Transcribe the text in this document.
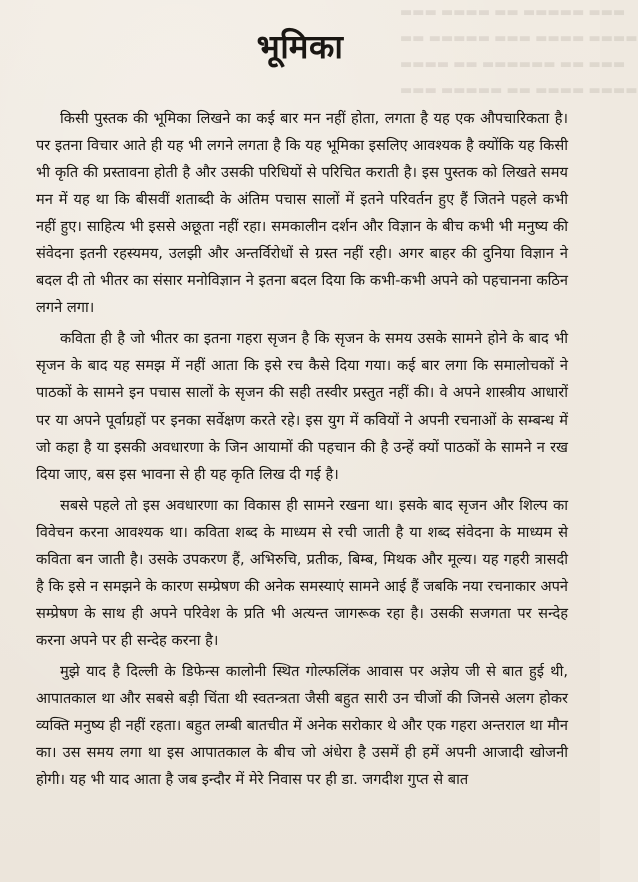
▬▬▬ ▬▬▬▬ ▬▬ ▬▬▬▬▬ ▬▬▬
▬▬ ▬▬▬▬▬ ▬▬▬ ▬▬▬▬ ▬▬▬▬
▬▬▬▬ ▬▬ ▬▬▬▬▬▬ ▬▬ ▬▬▬
▬▬▬ ▬▬▬▬▬ ▬▬ ▬▬▬▬ ▬▬▬▬
भूमिका

किसी पुस्तक की भूमिका लिखने का कई बार मन नहीं होता, लगता है यह एक औपचारिकता है। पर इतना विचार आते ही यह भी लगने लगता है कि यह भूमिका इसलिए आवश्यक है क्योंकि यह किसी भी कृति की प्रस्तावना होती है और उसकी परिधियों से परिचित कराती है। इस पुस्तक को लिखते समय मन में यह था कि बीसवीं शताब्दी के अंतिम पचास सालों में इतने परिवर्तन हुए हैं जितने पहले कभी नहीं हुए। साहित्य भी इससे अछूता नहीं रहा। समकालीन दर्शन और विज्ञान के बीच कभी भी मनुष्य की संवेदना इतनी रहस्यमय, उलझी और अन्तर्विरोधों से ग्रस्त नहीं रही। अगर बाहर की दुनिया विज्ञान ने बदल दी तो भीतर का संसार मनोविज्ञान ने इतना बदल दिया कि कभी-कभी अपने को पहचानना कठिन लगने लगा।

कविता ही है जो भीतर का इतना गहरा सृजन है कि सृजन के समय उसके सामने होने के बाद भी सृजन के बाद यह समझ में नहीं आता कि इसे रच कैसे दिया गया। कई बार लगा कि समालोचकों ने पाठकों के सामने इन पचास सालों के सृजन की सही तस्वीर प्रस्तुत नहीं की। वे अपने शास्त्रीय आधारों पर या अपने पूर्वाग्रहों पर इनका सर्वेक्षण करते रहे। इस युग में कवियों ने अपनी रचनाओं के सम्बन्ध में जो कहा है या इसकी अवधारणा के जिन आयामों की पहचान की है उन्हें क्यों पाठकों के सामने न रख दिया जाए, बस इस भावना से ही यह कृति लिख दी गई है।

सबसे पहले तो इस अवधारणा का विकास ही सामने रखना था। इसके बाद सृजन और शिल्प का विवेचन करना आवश्यक था। कविता शब्द के माध्यम से रची जाती है या शब्द संवेदना के माध्यम से कविता बन जाती है। उसके उपकरण हैं, अभिरुचि, प्रतीक, बिम्ब, मिथक और मूल्य। यह गहरी त्रासदी है कि इसे न समझने के कारण सम्प्रेषण की अनेक समस्याएं सामने आई हैं जबकि नया रचनाकार अपने सम्प्रेषण के साथ ही अपने परिवेश के प्रति भी अत्यन्त जागरूक रहा है। उसकी सजगता पर सन्देह करना अपने पर ही सन्देह करना है।

मुझे याद है दिल्ली के डिफेन्स कालोनी स्थित गोल्फलिंक आवास पर अज्ञेय जी से बात हुई थी, आपातकाल था और सबसे बड़ी चिंता थी स्वतन्त्रता जैसी बहुत सारी उन चीजों की जिनसे अलग होकर व्यक्ति मनुष्य ही नहीं रहता। बहुत लम्बी बातचीत में अनेक सरोकार थे और एक गहरा अन्तराल था मौन का। उस समय लगा था इस आपातकाल के बीच जो अंधेरा है उसमें ही हमें अपनी आजादी खोजनी होगी। यह भी याद आता है जब इन्दौर में मेरे निवास पर ही डा. जगदीश गुप्त से बात
